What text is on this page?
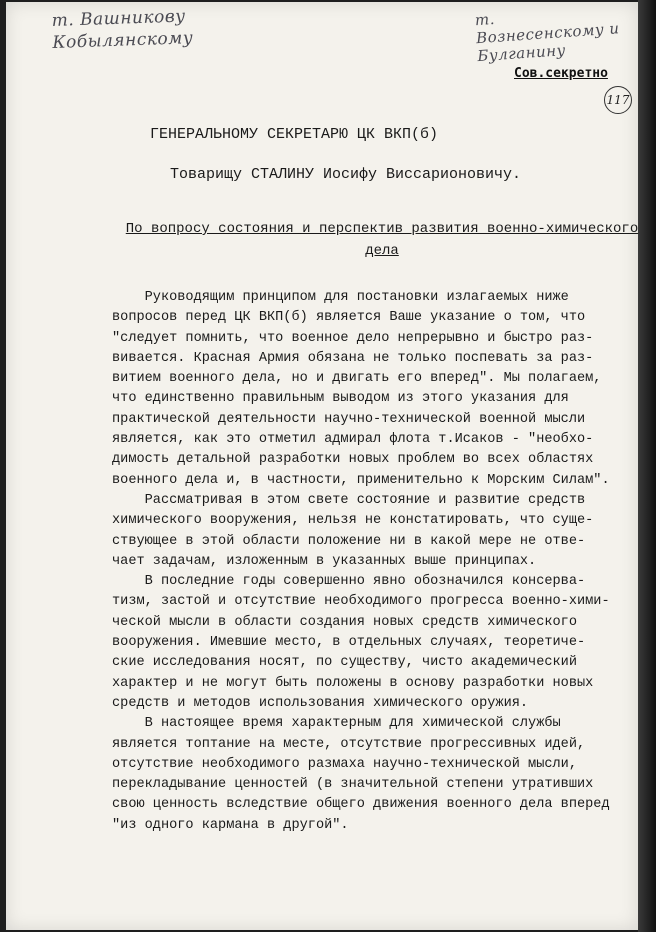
т. Вашникову
Кобылянскому
т. Вознесенскому и Булганину
Сов.секретно
117
ГЕНЕРАЛЬНОМУ СЕКРЕТАРЮ ЦК ВКП(б)
Товарищу СТАЛИНУ Иосифу Виссарионовичу.
По вопросу состояния и перспектив развития военно-химического
дела
Руководящим принципом для постановки излагаемых ниже
вопросов перед ЦК ВКП(б) является Ваше указание о том, что
"следует помнить, что военное дело непрерывно и быстро раз-
вивается. Красная Армия обязана не только поспевать за раз-
витием военного дела, но и двигать его вперед". Мы полагаем,
что единственно правильным выводом из этого указания для
практической деятельности научно-технической военной мысли
является, как это отметил адмирал флота т.Исаков - "необхо-
димость детальной разработки новых проблем во всех областях
военного дела и, в частности, применительно к Морским Силам".
Рассматривая в этом свете состояние и развитие средств
химического вооружения, нельзя не констатировать, что суще-
ствующее в этой области положение ни в какой мере не отве-
чает задачам, изложенным в указанных выше принципах.
В последние годы совершенно явно обозначился консерва-
тизм, застой и отсутствие необходимого прогресса военно-хими-
ческой мысли в области создания новых средств химического
вооружения. Имевшие место, в отдельных случаях, теоретиче-
ские исследования носят, по существу, чисто академический
характер и не могут быть положены в основу разработки новых
средств и методов использования химического оружия.
В настоящее время характерным для химической службы
является топтание на месте, отсутствие прогрессивных идей,
отсутствие необходимого размаха научно-технической мысли,
перекладывание ценностей (в значительной степени утративших
свою ценность вследствие общего движения военного дела вперед
"из одного кармана в другой".
